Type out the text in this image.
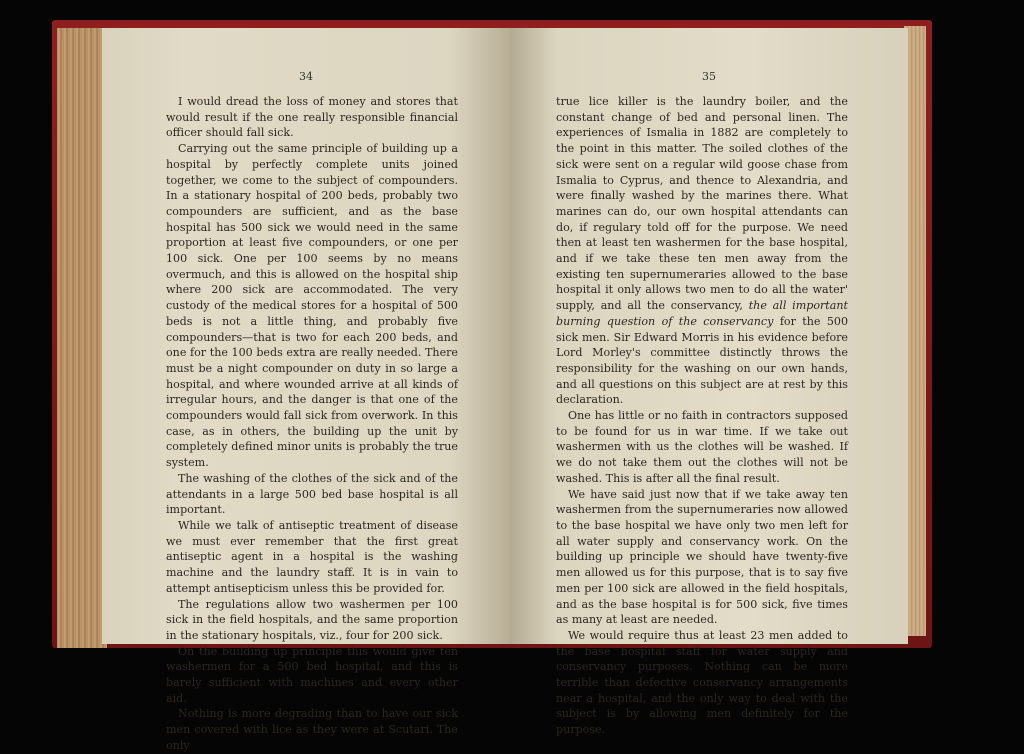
34

I would dread the loss of money and stores that would result if the one really responsible financial officer should fall sick.

Carrying out the same principle of building up a hospital by perfectly complete units joined together, we come to the subject of compounders. In a stationary hospital of 200 beds, probably two compounders are sufficient, and as the base hospital has 500 sick we would need in the same proportion at least five compounders, or one per 100 sick. One per 100 seems by no means overmuch, and this is allowed on the hospital ship where 200 sick are accommodated. The very custody of the medical stores for a hospital of 500 beds is not a little thing, and probably five compounders—that is two for each 200 beds, and one for the 100 beds extra are really needed. There must be a night compounder on duty in so large a hospital, and where wounded arrive at all kinds of irregular hours, and the danger is that one of the compounders would fall sick from overwork. In this case, as in others, the building up the unit by completely defined minor units is probably the true system.

The washing of the clothes of the sick and of the attendants in a large 500 bed base hospital is all important.

While we talk of antiseptic treatment of disease we must ever remember that the first great antiseptic agent in a hospital is the washing machine and the laundry staff. It is in vain to attempt antisepticism unless this be provided for.

The regulations allow two washermen per 100 sick in the field hospitals, and the same proportion in the stationary hospitals, viz., four for 200 sick.

On the building up principle this would give ten washermen for a 500 bed hospital, and this is barely sufficient with machines and every other aid.

Nothing is more degrading than to have our sick men covered with lice as they were at Scutari. The only

35

true lice killer is the laundry boiler, and the constant change of bed and personal linen. The experiences of Ismalia in 1882 are completely to the point in this matter. The soiled clothes of the sick were sent on a regular wild goose chase from Ismalia to Cyprus, and thence to Alexandria, and were finally washed by the marines there. What marines can do, our own hospital attendants can do, if regulary told off for the purpose. We need then at least ten washermen for the base hospital, and if we take these ten men away from the existing ten supernumeraries allowed to the base hospital it only allows two men to do all the water' supply, and all the conservancy, the all important burning question of the conservancy for the 500 sick men. Sir Edward Morris in his evidence before Lord Morley's committee distinctly throws the responsibility for the washing on our own hands, and all questions on this subject are at rest by this declaration.

One has little or no faith in contractors supposed to be found for us in war time. If we take out washermen with us the clothes will be washed. If we do not take them out the clothes will not be washed. This is after all the final result.

We have said just now that if we take away ten washermen from the supernumeraries now allowed to the base hospital we have only two men left for all water supply and conservancy work. On the building up principle we should have twenty-five men allowed us for this purpose, that is to say five men per 100 sick are allowed in the field hospitals, and as the base hospital is for 500 sick, five times as many at least are needed.

We would require thus at least 23 men added to the base hospital staff for water supply and conservancy purposes. Nothing can be more terrible than defective conservancy arrangements near a hospital, and the only way to deal with the subject is by allowing men definitely for the purpose.
